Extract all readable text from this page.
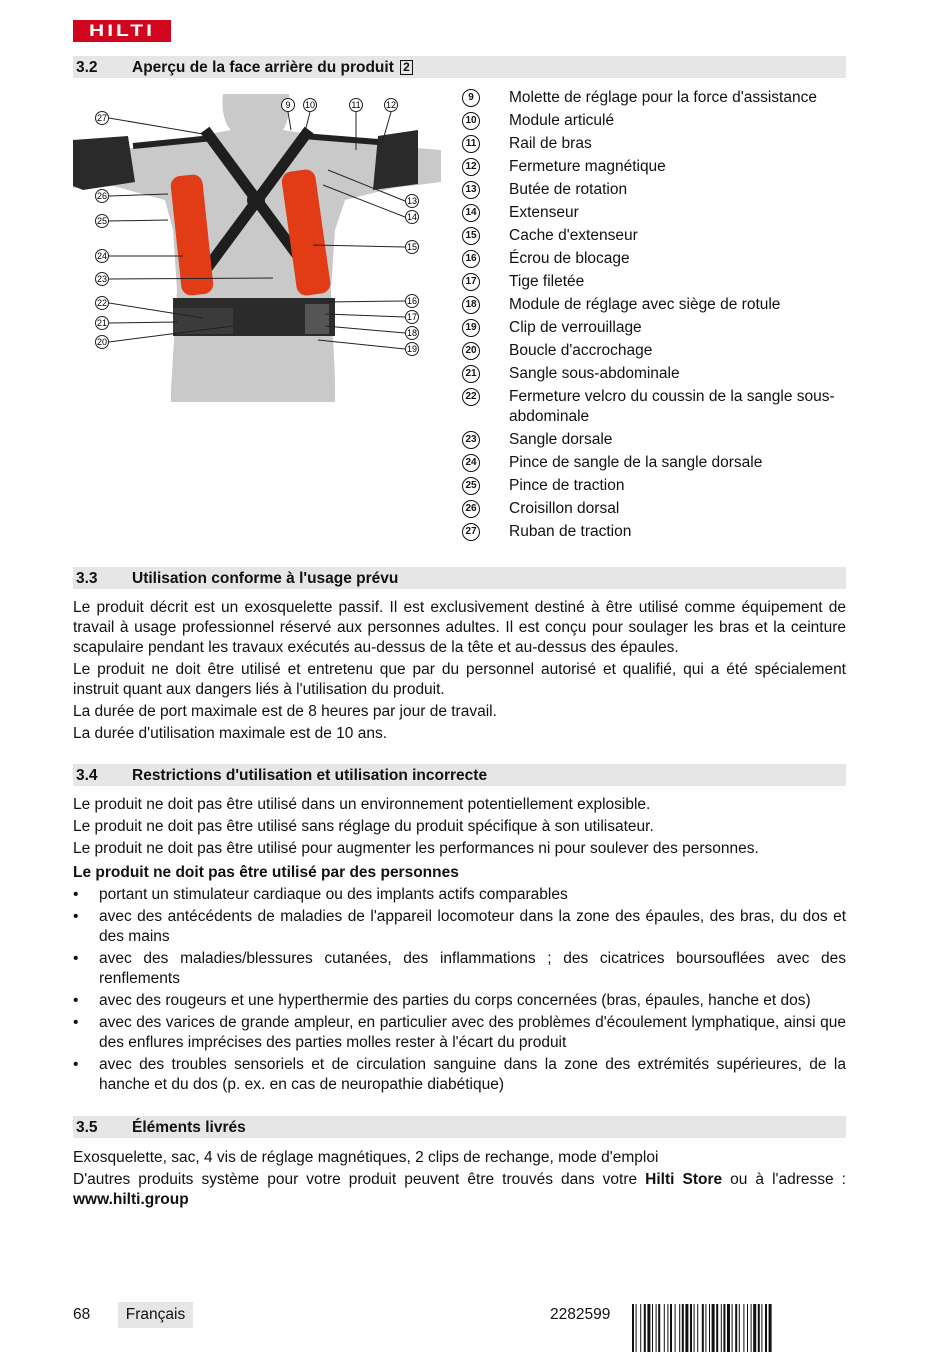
HILTI
3.2 Aperçu de la face arrière du produit 2
27
26
25
24
23
22
21
20
9 10	11	12
13
14
15
16
17
18
19
9	Molette de réglage pour la force d'assistance
10	Module articulé
11	Rail de bras
12	Fermeture magnétique
13	Butée de rotation
14	Extenseur
15	Cache d'extenseur
16	Écrou de blocage
17	Tige filetée
18	Module de réglage avec siège de rotule
19	Clip de verrouillage
20	Boucle d'accrochage
21	Sangle sous-abdominale
22	Fermeture velcro du coussin de la sangle sous-abdominale
23	Sangle dorsale
24	Pince de sangle de la sangle dorsale
25	Pince de traction
26	Croisillon dorsal
27	Ruban de traction
3.3 Utilisation conforme à l'usage prévu

Le produit décrit est un exosquelette passif. Il est exclusivement destiné à être utilisé comme équipement de travail à usage professionnel réservé aux personnes adultes. Il est conçu pour soulager les bras et la ceinture scapulaire pendant les travaux exécutés au-dessus de la tête et au-dessus des épaules.

Le produit ne doit être utilisé et entretenu que par du personnel autorisé et qualifié, qui a été spécialement instruit quant aux dangers liés à l'utilisation du produit.

La durée de port maximale est de 8 heures par jour de travail.

La durée d'utilisation maximale est de 10 ans.

3.4 Restrictions d'utilisation et utilisation incorrecte

Le produit ne doit pas être utilisé dans un environnement potentiellement explosible.

Le produit ne doit pas être utilisé sans réglage du produit spécifique à son utilisateur.

Le produit ne doit pas être utilisé pour augmenter les performances ni pour soulever des personnes.

Le produit ne doit pas être utilisé par des personnes

• portant un stimulateur cardiaque ou des implants actifs comparables
• avec des antécédents de maladies de l'appareil locomoteur dans la zone des épaules, des bras, du dos et des mains
• avec des maladies/blessures cutanées, des inflammations ; des cicatrices boursouflées avec des renflements
• avec des rougeurs et une hyperthermie des parties du corps concernées (bras, épaules, hanche et dos)
• avec des varices de grande ampleur, en particulier avec des problèmes d'écoulement lymphatique, ainsi que des enflures imprécises des parties molles rester à l'écart du produit
• avec des troubles sensoriels et de circulation sanguine dans la zone des extrémités supérieures, de la hanche et du dos (p. ex. en cas de neuropathie diabétique)
3.5 Éléments livrés

Exosquelette, sac, 4 vis de réglage magnétiques, 2 clips de rechange, mode d'emploi

D'autres produits système pour votre produit peuvent être trouvés dans votre Hilti Store ou à l'adresse : www.hilti.group

68	Français	2282599
